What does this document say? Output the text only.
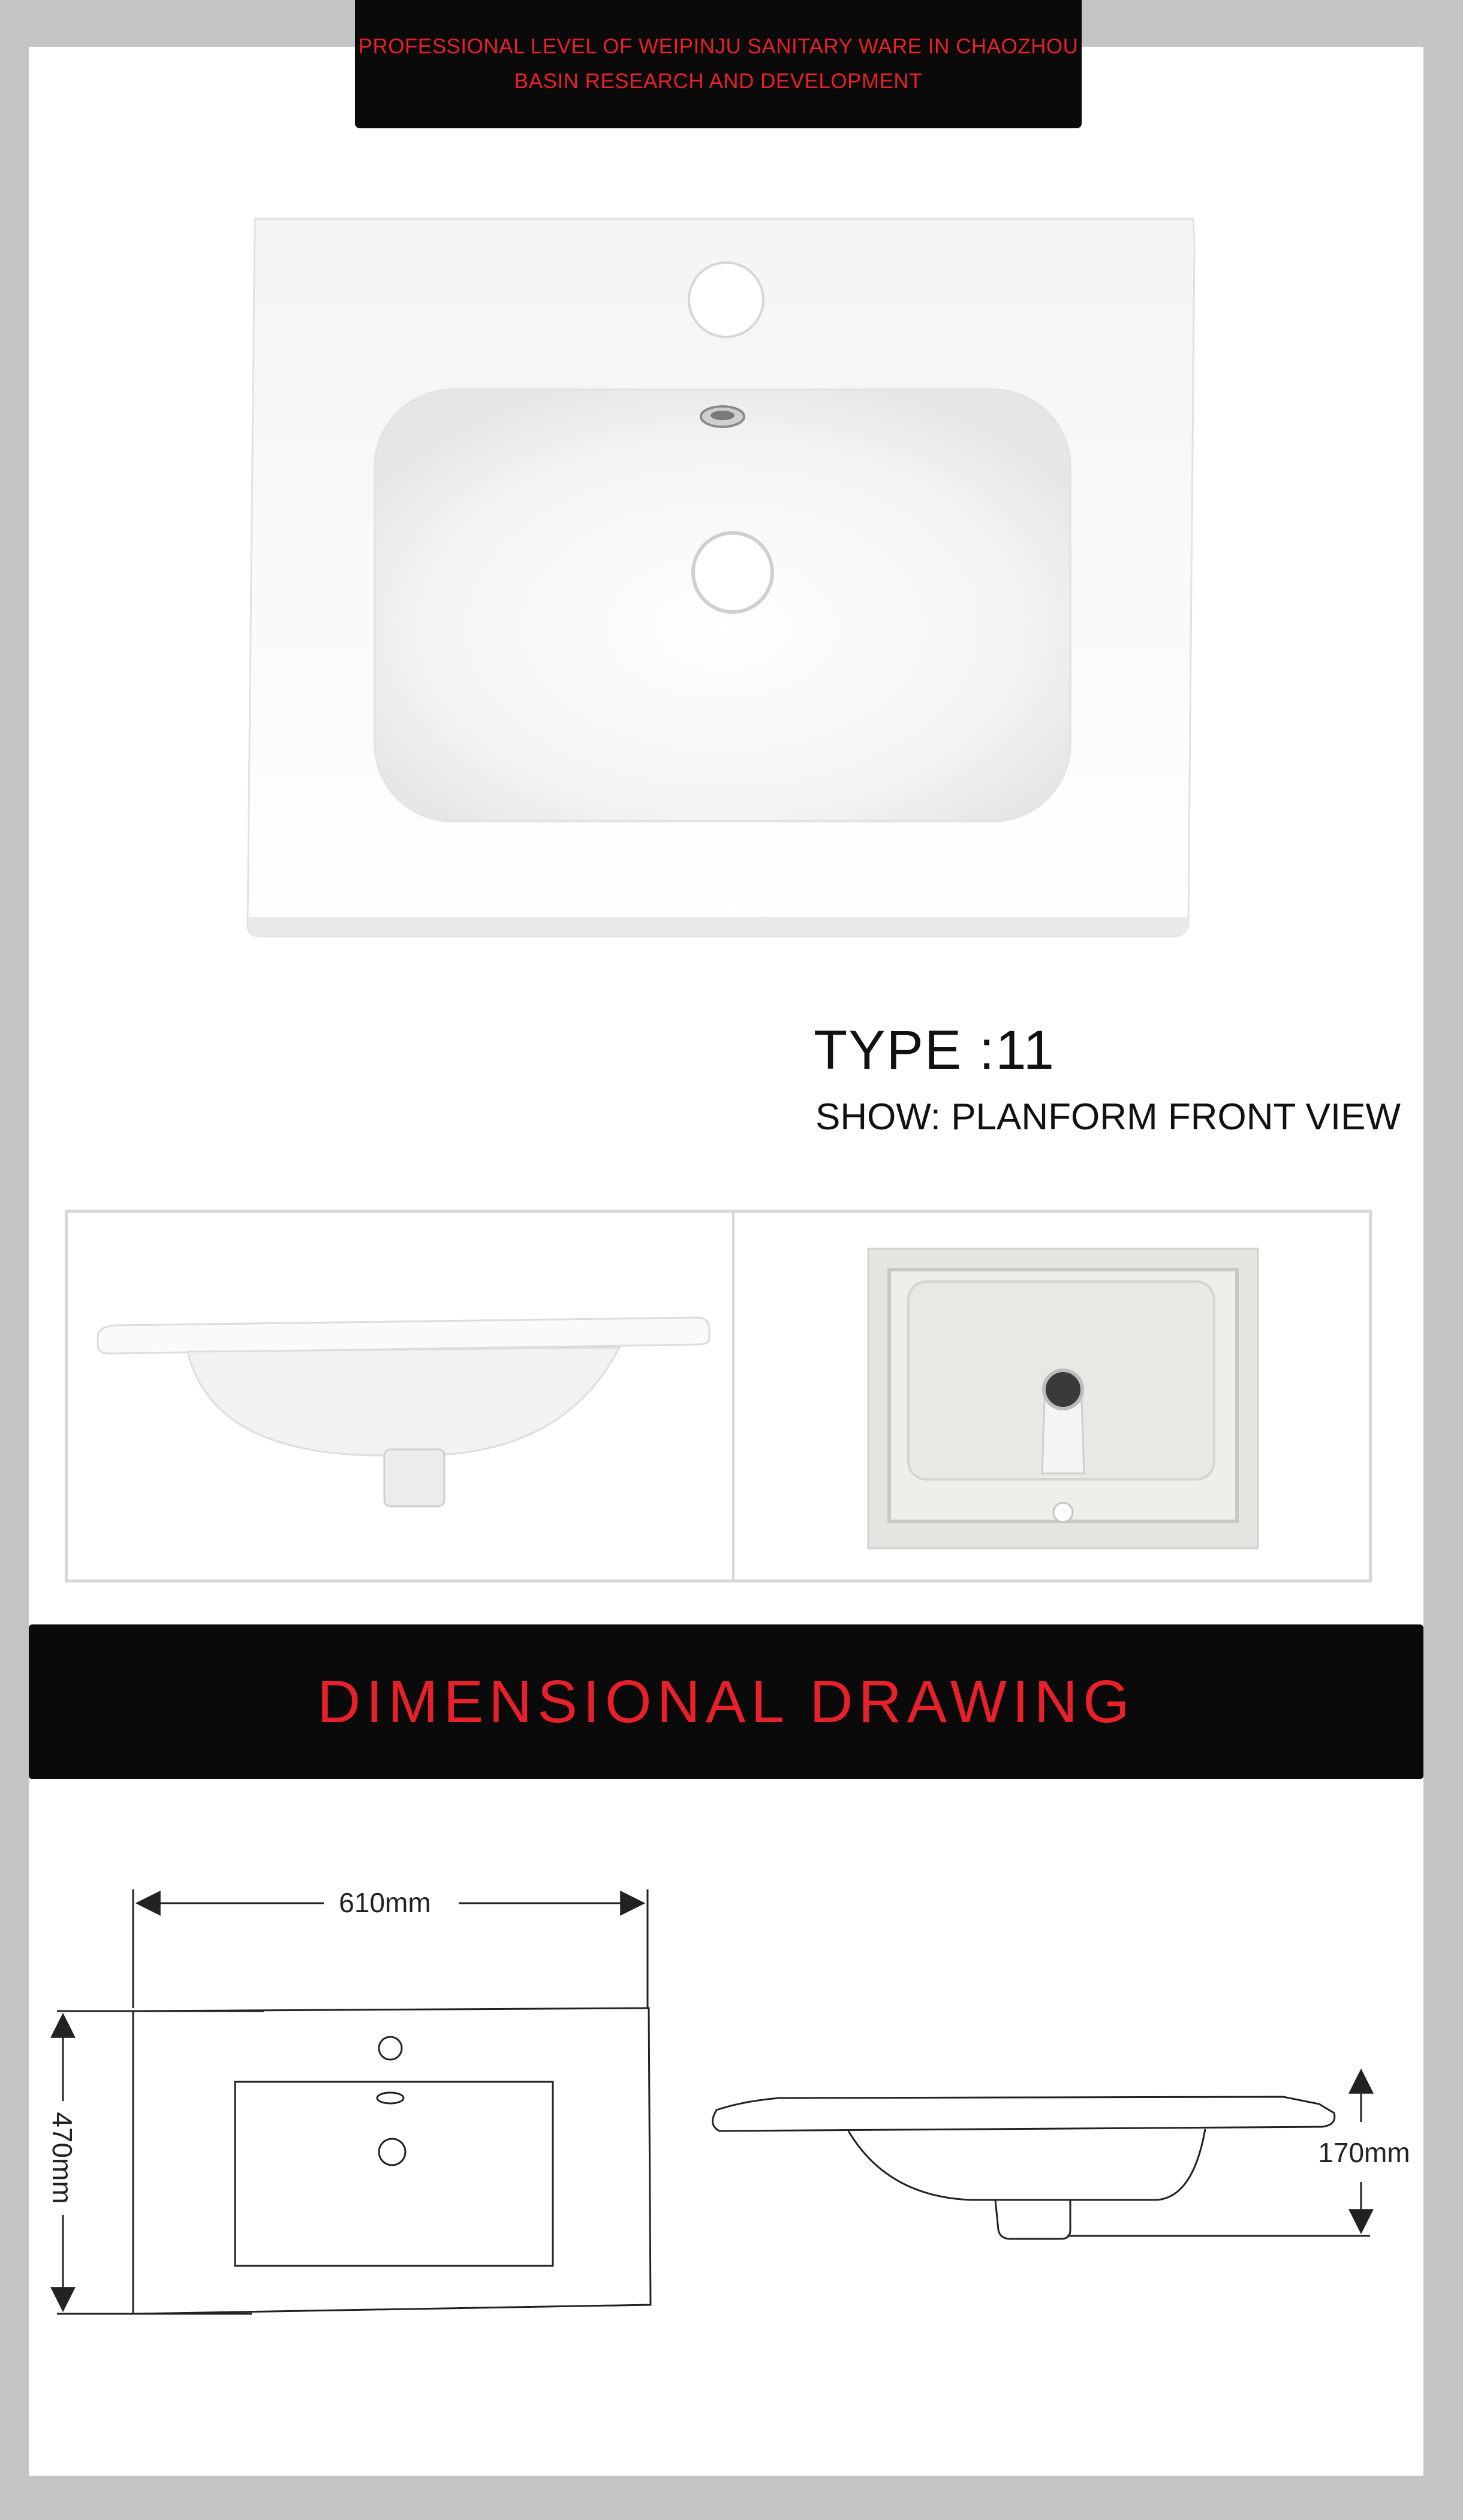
PROFESSIONAL LEVEL OF WEIPINJU SANITARY WARE IN CHAOZHOU
BASIN RESEARCH AND DEVELOPMENT
TYPE :11
SHOW: PLANFORM FRONT VIEW
DIMENSIONAL DRAWING
610mm
470mm	170mm
